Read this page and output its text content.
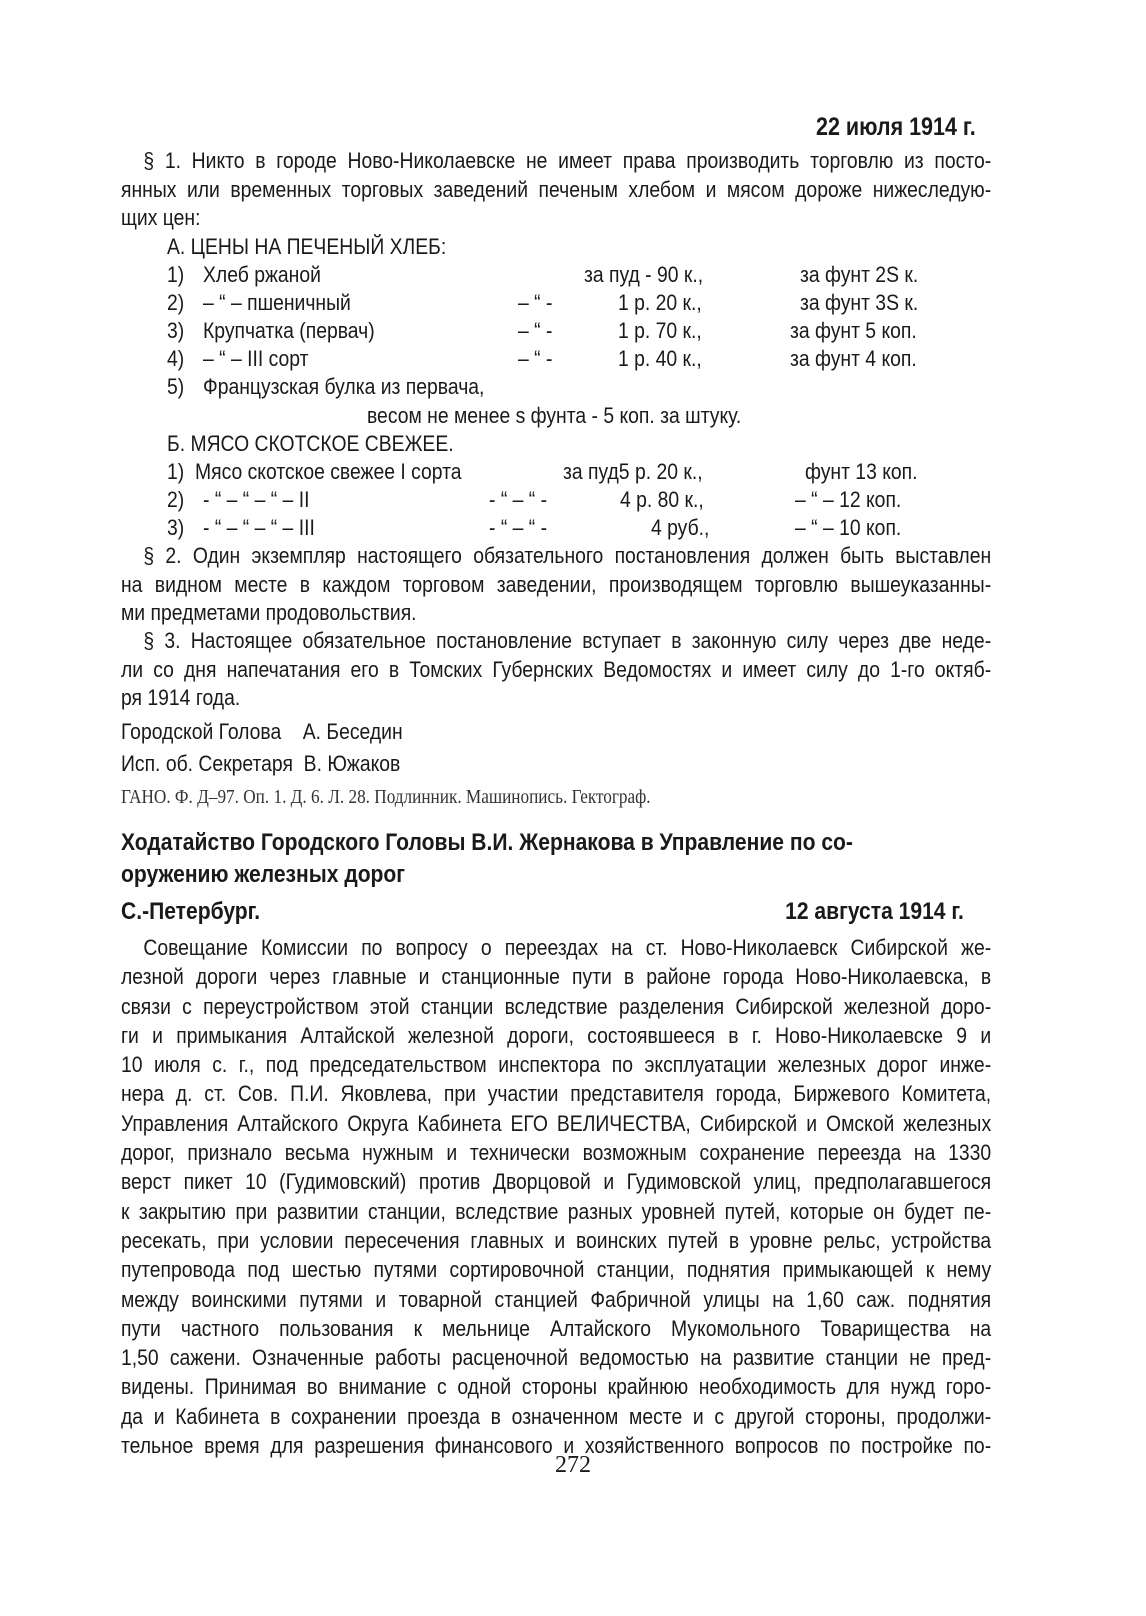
22 июля 1914 г.
§ 1. Никто в городе Ново-Николаевске не имеет права производить торговлю из посто-
янных или временных торговых заведений печеным хлебом и мясом дороже нижеследую-
щих цен:
А. ЦЕНЫ НА ПЕЧЕНЫЙ ХЛЕБ:
1) Хлеб ржаной	за пуд - 90 к.,	за фунт 2S к.
2) – “ – пшеничный	– “ -	1 р. 20 к.,	за фунт 3S к.
3) Крупчатка (первач)	– “ -	1 р. 70 к.,	за фунт 5 коп.
4) – “ – III сорт	– “ -	1 р. 40 к.,	за фунт 4 коп.
5) Французская булка из первача,
весом не менее s фунта - 5 коп. за штуку.
Б. МЯСО СКОТСКОЕ СВЕЖЕЕ.
1) Мясо скотское свежее I сорта	за пуд5 р. 20 к.,	фунт 13 коп.
2) - “ – “ – “ – II	- “ – “ -	4 р. 80 к.,	– “ – 12 коп.
3) - “ – “ – “ – III	- “ – “ -	4 руб.,	– “ – 10 коп.
§ 2. Один экземпляр настоящего обязательного постановления должен быть выставлен
на видном месте в каждом торговом заведении, производящем торговлю вышеуказанны-
ми предметами продовольствия.
§ 3. Настоящее обязательное постановление вступает в законную силу через две неде-
ли со дня напечатания его в Томских Губернских Ведомостях и имеет силу до 1-го октяб-
ря 1914 года.
Городской Голова    А. Беседин
Исп. об. Секретаря  В. Южаков
ГАНО. Ф. Д–97. Оп. 1. Д. 6. Л. 28. Подлинник. Машинопись. Гектограф.
Ходатайство Городского Головы В.И. Жернакова в Управление по со-
оружению железных дорог
С.-Петербург.	12 августа 1914 г.
Совещание Комиссии по вопросу о переездах на ст. Ново-Николаевск Сибирской же-
лезной дороги через главные и станционные пути в районе города Ново-Николаевска, в
связи с переустройством этой станции вследствие разделения Сибирской железной доро-
ги и примыкания Алтайской железной дороги, состоявшееся в г. Ново-Николаевске 9 и
10 июля с. г., под председательством инспектора по эксплуатации железных дорог инже-
нера д. ст. Сов. П.И. Яковлева, при участии представителя города, Биржевого Комитета,
Управления Алтайского Округа Кабинета ЕГО ВЕЛИЧЕСТВА, Сибирской и Омской железных
дорог, признало весьма нужным и технически возможным сохранение переезда на 1330
верст пикет 10 (Гудимовский) против Дворцовой и Гудимовской улиц, предполагавшегося
к закрытию при развитии станции, вследствие разных уровней путей, которые он будет пе-
ресекать, при условии пересечения главных и воинских путей в уровне рельс, устройства
путепровода под шестью путями сортировочной станции, поднятия примыкающей к нему
между воинскими путями и товарной станцией Фабричной улицы на 1,60 саж. поднятия
пути частного пользования к мельнице Алтайского Мукомольного Товарищества на
1,50 сажени. Означенные работы расценочной ведомостью на развитие станции не пред-
видены. Принимая во внимание с одной стороны крайнюю необходимость для нужд горо-
да и Кабинета в сохранении проезда в означенном месте и с другой стороны, продолжи-
тельное время для разрешения финансового и хозяйственного вопросов по постройке по-
272
